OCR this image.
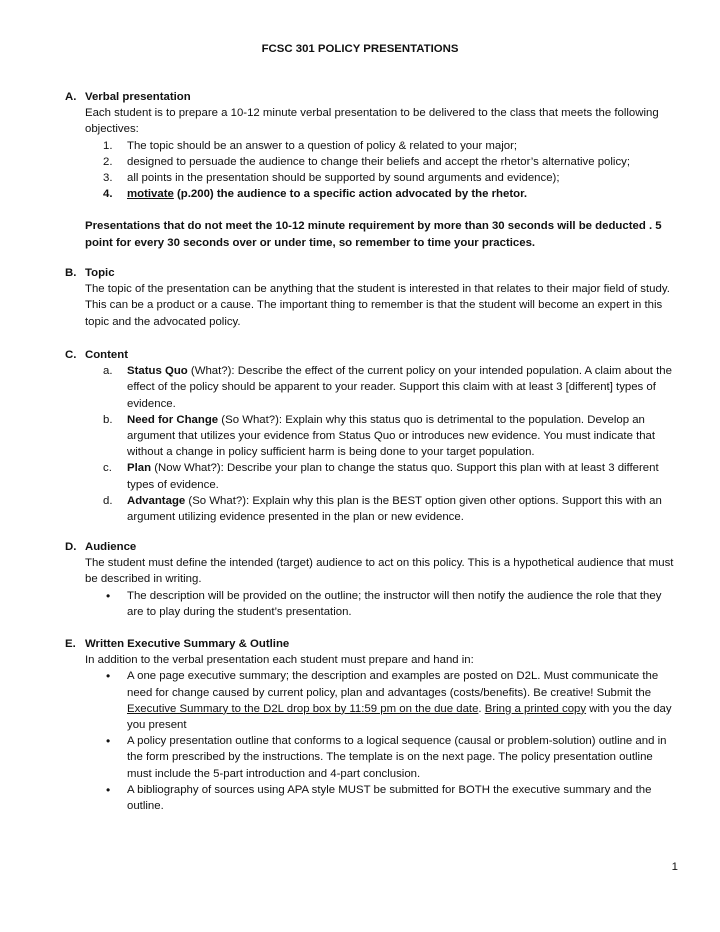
FCSC 301 POLICY PRESENTATIONS
A. Verbal presentation
Each student is to prepare a 10-12 minute verbal presentation to be delivered to the class that meets the following objectives:
1. The topic should be an answer to a question of policy & related to your major;
2. designed to persuade the audience to change their beliefs and accept the rhetor’s alternative policy;
3. all points in the presentation should be supported by sound arguments and evidence);
4. motivate (p.200) the audience to a specific action advocated by the rhetor.
Presentations that do not meet the 10-12 minute requirement by more than 30 seconds will be deducted . 5 point for every 30 seconds over or under time, so remember to time your practices.
B. Topic
The topic of the presentation can be anything that the student is interested in that relates to their major field of study. This can be a product or a cause. The important thing to remember is that the student will become an expert in this topic and the advocated policy.
C. Content
a. Status Quo (What?): Describe the effect of the current policy on your intended population. A claim about the effect of the policy should be apparent to your reader. Support this claim with at least 3 [different] types of evidence.
b. Need for Change (So What?): Explain why this status quo is detrimental to the population. Develop an argument that utilizes your evidence from Status Quo or introduces new evidence. You must indicate that without a change in policy sufficient harm is being done to your target population.
c. Plan (Now What?): Describe your plan to change the status quo. Support this plan with at least 3 different types of evidence.
d. Advantage (So What?): Explain why this plan is the BEST option given other options. Support this with an argument utilizing evidence presented in the plan or new evidence.
D. Audience
The student must define the intended (target) audience to act on this policy. This is a hypothetical audience that must be described in writing.
• The description will be provided on the outline; the instructor will then notify the audience the role that they are to play during the student’s presentation.
E. Written Executive Summary & Outline
In addition to the verbal presentation each student must prepare and hand in:
• A one page executive summary; the description and examples are posted on D2L. Must communicate the need for change caused by current policy, plan and advantages (costs/benefits). Be creative! Submit the Executive Summary to the D2L drop box by 11:59 pm on the due date. Bring a printed copy with you the day you present
• A policy presentation outline that conforms to a logical sequence (causal or problem-solution) outline and in the form prescribed by the instructions. The template is on the next page. The policy presentation outline must include the 5-part introduction and 4-part conclusion.
• A bibliography of sources using APA style MUST be submitted for BOTH the executive summary and the outline.
1
